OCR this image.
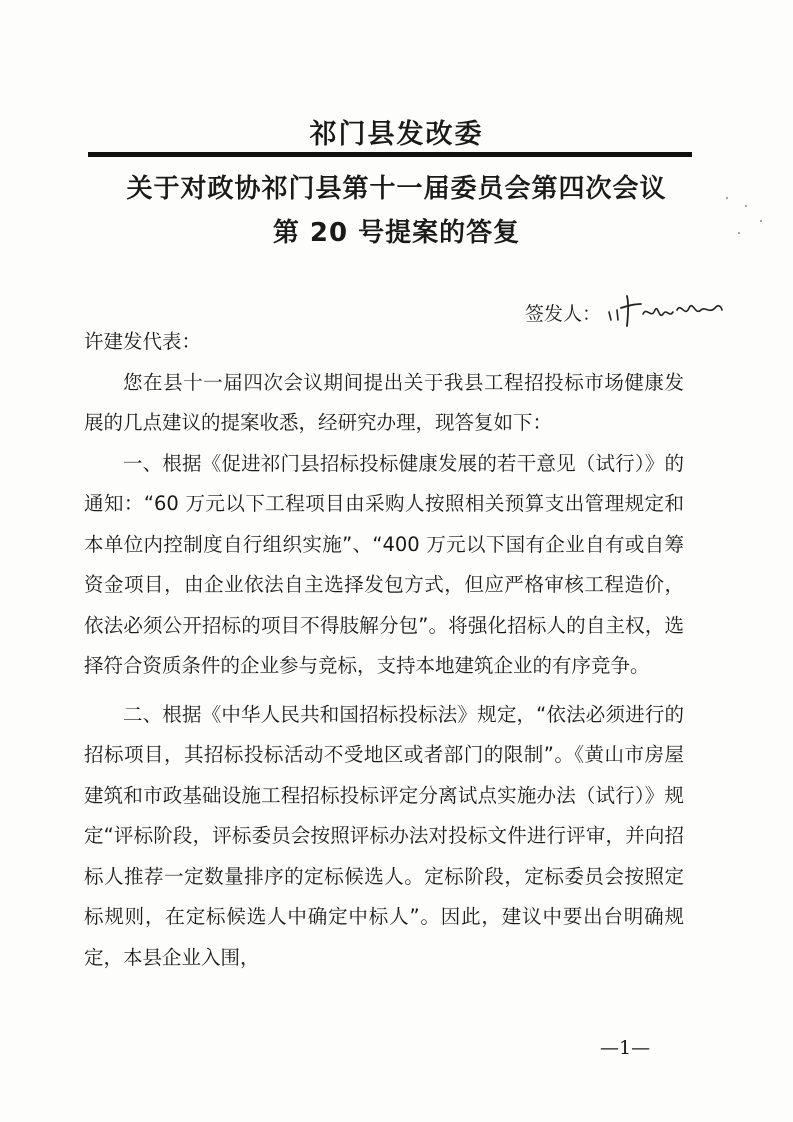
祁门县发改委
关于对政协祁门县第十一届委员会第四次会议
第 20 号提案的答复
签发人：

许建发代表：

您在县十一届四次会议期间提出关于我县工程招投标市场健康发展的几点建议的提案收悉，经研究办理，现答复如下：

一、根据《促进祁门县招标投标健康发展的若干意见（试行）》的通知：“60 万元以下工程项目由采购人按照相关预算支出管理规定和本单位内控制度自行组织实施”、“400 万元以下国有企业自有或自筹资金项目，由企业依法自主选择发包方式，但应严格审核工程造价，依法必须公开招标的项目不得肢解分包”。将强化招标人的自主权，选择符合资质条件的企业参与竞标，支持本地建筑企业的有序竞争。

二、根据《中华人民共和国招标投标法》规定，“依法必须进行的招标项目，其招标投标活动不受地区或者部门的限制”。《黄山市房屋建筑和市政基础设施工程招标投标评定分离试点实施办法（试行）》规定“评标阶段，评标委员会按照评标办法对投标文件进行评审，并向招标人推荐一定数量排序的定标候选人。定标阶段，定标委员会按照定标规则，在定标候选人中确定中标人”。因此，建议中要出台明确规定，本县企业入围，

—1—
